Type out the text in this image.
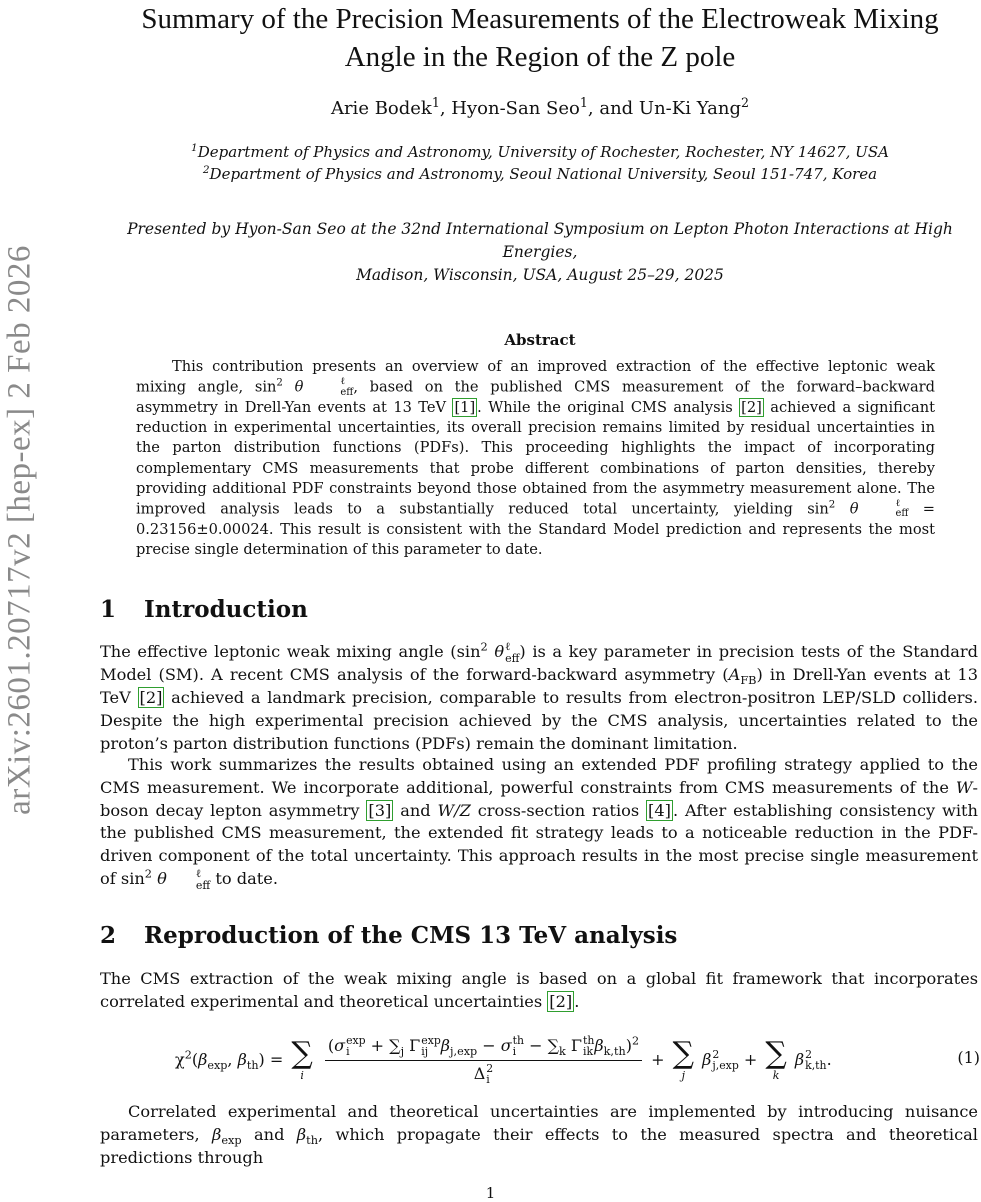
arXiv:2601.20717v2 [hep-ex] 2 Feb 2026
Summary of the Precision Measurements of the Electroweak Mixing
Angle in the Region of the Z pole
Arie Bodek$^1$, Hyon-San Seo$^1$, and Un-Ki Yang$^2$
$^1$Department of Physics and Astronomy, University of Rochester, Rochester, NY 14627, USA
$^2$Department of Physics and Astronomy, Seoul National University, Seoul 151-747, Korea
Presented by Hyon-San Seo at the 32nd International Symposium on Lepton Photon Interactions at High Energies,
Madison, Wisconsin, USA, August 25–29, 2025
Abstract
This contribution presents an overview of an improved extraction of the effective leptonic weak mixing angle, $\sin^2 \theta$	ℓ
eff , based on the published CMS measurement of the forward–backward asymmetry in Drell-Yan events at 13 TeV [1] . While the original CMS analysis [2] achieved a significant reduction in experimental uncertainties, its overall precision remains limited by residual uncertainties in the parton distribution functions (PDFs). This proceeding highlights the impact of incorporating complementary CMS measurements that probe different combinations of parton densities, thereby providing additional PDF constraints beyond those obtained from the asymmetry measurement alone. The improved analysis leads to a substantially reduced total uncertainty, yielding $\sin^2 \theta$	ℓ
eff = 0.23156±0.00024. This result is consistent with the Standard Model prediction and represents the most precise single determination of this parameter to date.
1 Introduction
The effective leptonic weak mixing angle ($\sin^2$ θ ℓ
eff ) is a key parameter in precision tests of the Standard Model (SM). A recent CMS analysis of the forward-backward asymmetry $(A_{FB})$ in Drell-Yan events at 13 TeV [2] achieved a landmark precision, comparable to results from electron-positron LEP/SLD colliders. Despite the high experimental precision achieved by the CMS analysis, uncertainties related to the proton’s parton distribution functions (PDFs) remain the dominant limitation.
This work summarizes the results obtained using an extended PDF profiling strategy applied to the CMS measurement. We incorporate additional, powerful constraints from CMS measurements of the W-boson decay lepton asymmetry [3] and W/Z cross-section ratios [4] . After establishing consistency with the published CMS measurement, the extended fit strategy leads to a noticeable reduction in the PDF-driven component of the total uncertainty. This approach results in the most precise single measurement of $\sin^2 \theta$	ℓ
eff to date.
2 Reproduction of the CMS 13 TeV analysis
The CMS extraction of the weak mixing angle is based on a global fit framework that incorporates correlated experimental and theoretical uncertainties [2] .
$\chi^2(\beta_{exp}$, $\beta_{th}$) = ∑
i
(σ exp
i	+ $\sum_j$ Γ exp
ij $\beta_{j,exp} - \sigma$ th
$i - \sum_k$ Γ th
ik $\beta_{k,th})^2$
Δ 2
i + ∑
j
β 2
j,exp + ∑
k
β 2
k,th .	(1)
Correlated experimental and theoretical uncertainties are implemented by introducing nuisance parameters, $\beta_{exp}$ and $\beta_{th}$, which propagate their effects to the measured spectra and theoretical predictions through
1
